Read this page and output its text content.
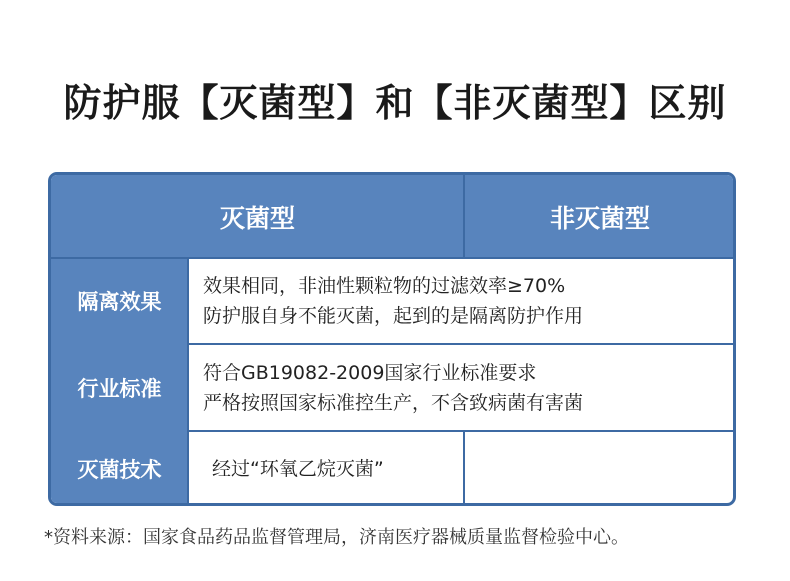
防护服【灭菌型】和【非灭菌型】区别
灭菌型	非灭菌型
隔离效果
效果相同，非油性颗粒物的过滤效率≥70%
防护服自身不能灭菌，起到的是隔离防护作用
行业标准
符合GB19082-2009国家行业标准要求
严格按照国家标准控生产，不含致病菌有害菌
灭菌技术	经过“环氧乙烷灭菌”
*资料来源：国家食品药品监督管理局，济南医疗器械质量监督检验中心。
